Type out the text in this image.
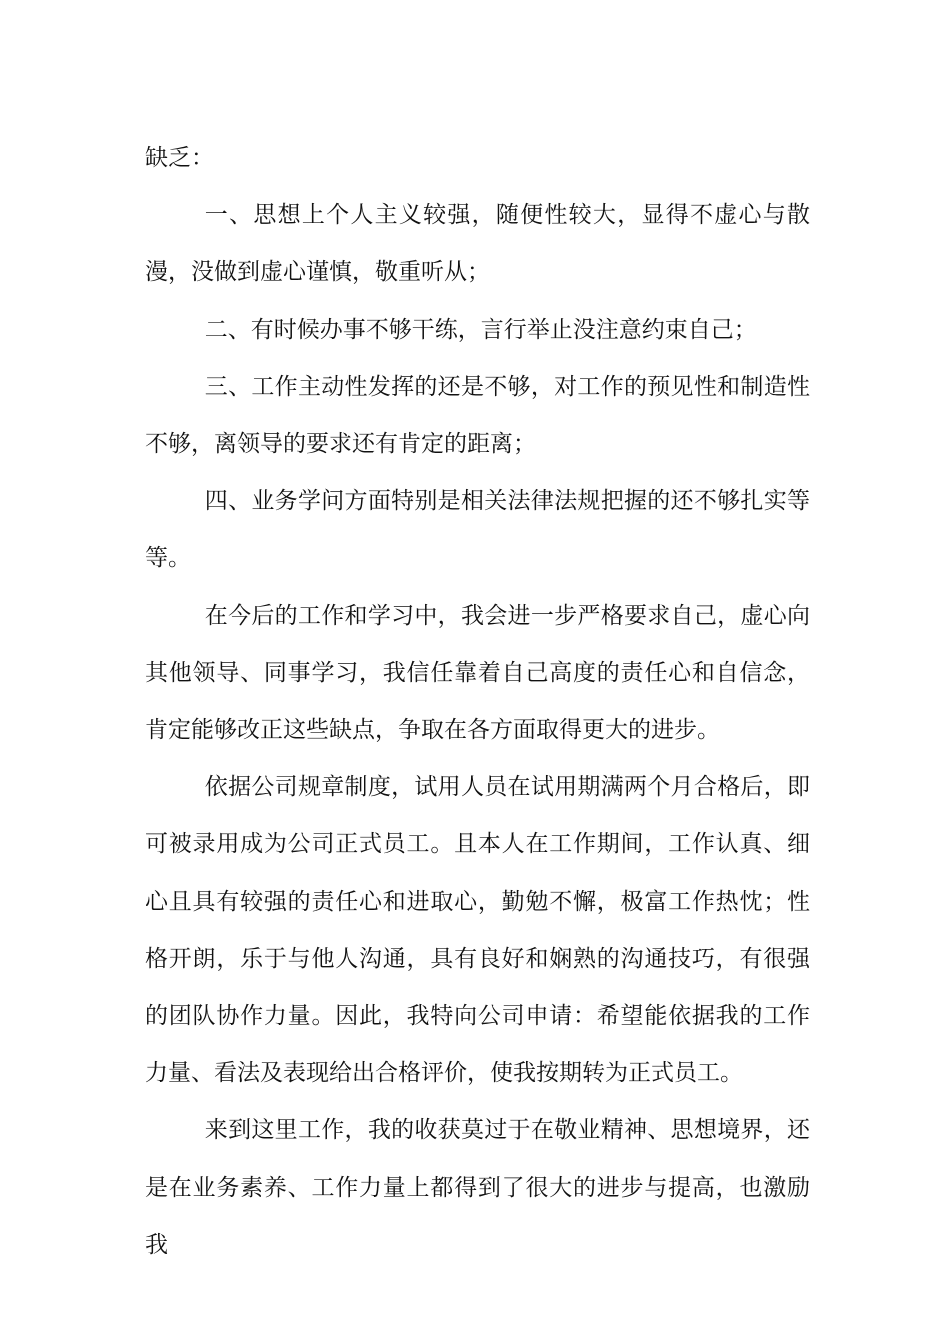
缺乏：

一、思想上个人主义较强，随便性较大，显得不虚心与散漫，没做到虚心谨慎，敬重听从；

二、有时候办事不够干练，言行举止没注意约束自己；

三、工作主动性发挥的还是不够，对工作的预见性和制造性不够，离领导的要求还有肯定的距离；

四、业务学问方面特别是相关法律法规把握的还不够扎实等等。

在今后的工作和学习中，我会进一步严格要求自己，虚心向其他领导、同事学习，我信任靠着自己高度的责任心和自信念，肯定能够改正这些缺点，争取在各方面取得更大的进步。

依据公司规章制度，试用人员在试用期满两个月合格后，即可被录用成为公司正式员工。且本人在工作期间，工作认真、细心且具有较强的责任心和进取心，勤勉不懈，极富工作热忱；性格开朗，乐于与他人沟通，具有良好和娴熟的沟通技巧，有很强的团队协作力量。因此，我特向公司申请：希望能依据我的工作力量、看法及表现给出合格评价，使我按期转为正式员工。

来到这里工作，我的收获莫过于在敬业精神、思想境界，还是在业务素养、工作力量上都得到了很大的进步与提高，也激励我
